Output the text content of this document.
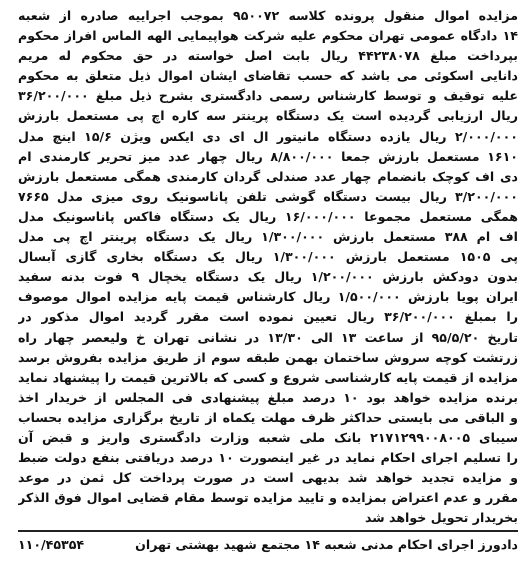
مزایده اموال منقول پرونده کلاسه ۹۵۰۰۷۲ بموجب اجراییه صادره از شعبه
۱۴ دادگاه عمومی تهران محکوم علیه شرکت هواپیمایی الهه الماس افراز محکوم
بپرداخت مبلغ ۴۴۲۳۸۰۷۸ ریال بابت اصل خواسته در حق محکوم له مریم
دانایی اسکوئی می باشد که حسب تقاضای ایشان اموال ذیل متعلق به محکوم
علیه توقیف و توسط کارشناس رسمی دادگستری بشرح ذیل مبلغ ۳۶/۲۰۰/۰۰۰
ریال ارزیابی گردیده است یک دستگاه پرینتر سه کاره اچ پی مستعمل بارزش
۲/۰۰۰/۰۰۰ ریال یازده دستگاه مانیتور ال ای دی ایکس ویژن ۱۵/۶ اینچ مدل
۱۶۱۰ مستعمل بارزش جمعا ۸/۸۰۰/۰۰۰ ریال چهار عدد میز تحریر کارمندی ام
دی اف کوچک بانضمام چهار عدد صندلی گردان کارمندی همگی مستعمل بارزش
۳/۲۰۰/۰۰۰ ریال بیست دستگاه گوشی تلفن پاناسونیک روی میزی مدل ۷۶۶۵
همگی مستعمل مجموعا ۱۶/۰۰۰/۰۰۰ ریال یک دستگاه فاکس پاناسونیک مدل
اف ام ۳۸۸ مستعمل بارزش ۱/۳۰۰/۰۰۰ ریال یک دستگاه پرینتر اچ پی مدل
پی ۱۵۰۵ مستعمل بارزش ۱/۳۰۰/۰۰۰ ریال یک دستگاه بخاری گازی آبسال
بدون دودکش بارزش ۱/۲۰۰/۰۰۰ ریال یک دستگاه یخچال ۹ فوت بدنه سفید
ایران پویا بارزش ۱/۵۰۰/۰۰۰ ریال کارشناس قیمت پایه مزایده اموال موصوف
را بمبلغ ۳۶/۲۰۰/۰۰۰ ریال تعیین نموده است مقرر گردید اموال مذکور در
تاریخ ۹۵/۵/۲۰ از ساعت ۱۳ الی ۱۳/۳۰ در نشانی تهران خ ولیعصر چهار راه
زرتشت کوچه سروش ساختمان بهمن طبقه سوم از طریق مزایده بفروش برسد
مزایده از قیمت پایه کارشناسی شروع و کسی که بالاترین قیمت را پیشنهاد نماید
برنده مزایده خواهد بود ۱۰ درصد مبلغ پیشنهادی فی المجلس از خریدار اخذ
و الباقی می بایستی حداکثر ظرف مهلت یکماه از تاریخ برگزاری مزایده بحساب
سیبای ۲۱۷۱۲۹۹۰۰۸۰۰۵ بانک ملی شعبه وزارت دادگستری واریز و قبض آن
را تسلیم اجرای احکام نماید در غیر اینصورت ۱۰ درصد دریافتی بنفع دولت ضبط
و مزایده تجدید خواهد شد بدیهی است در صورت پرداخت کل ثمن در موعد
مقرر و عدم اعتراض بمزایده و تایید مزایده توسط مقام قضایی اموال فوق الذکر
بخریدار تحویل خواهد شد
دادورز اجرای احکام مدنی شعبه ۱۴ مجتمع شهید بهشتی تهران
۱۱۰/۴۵۳۵۴
